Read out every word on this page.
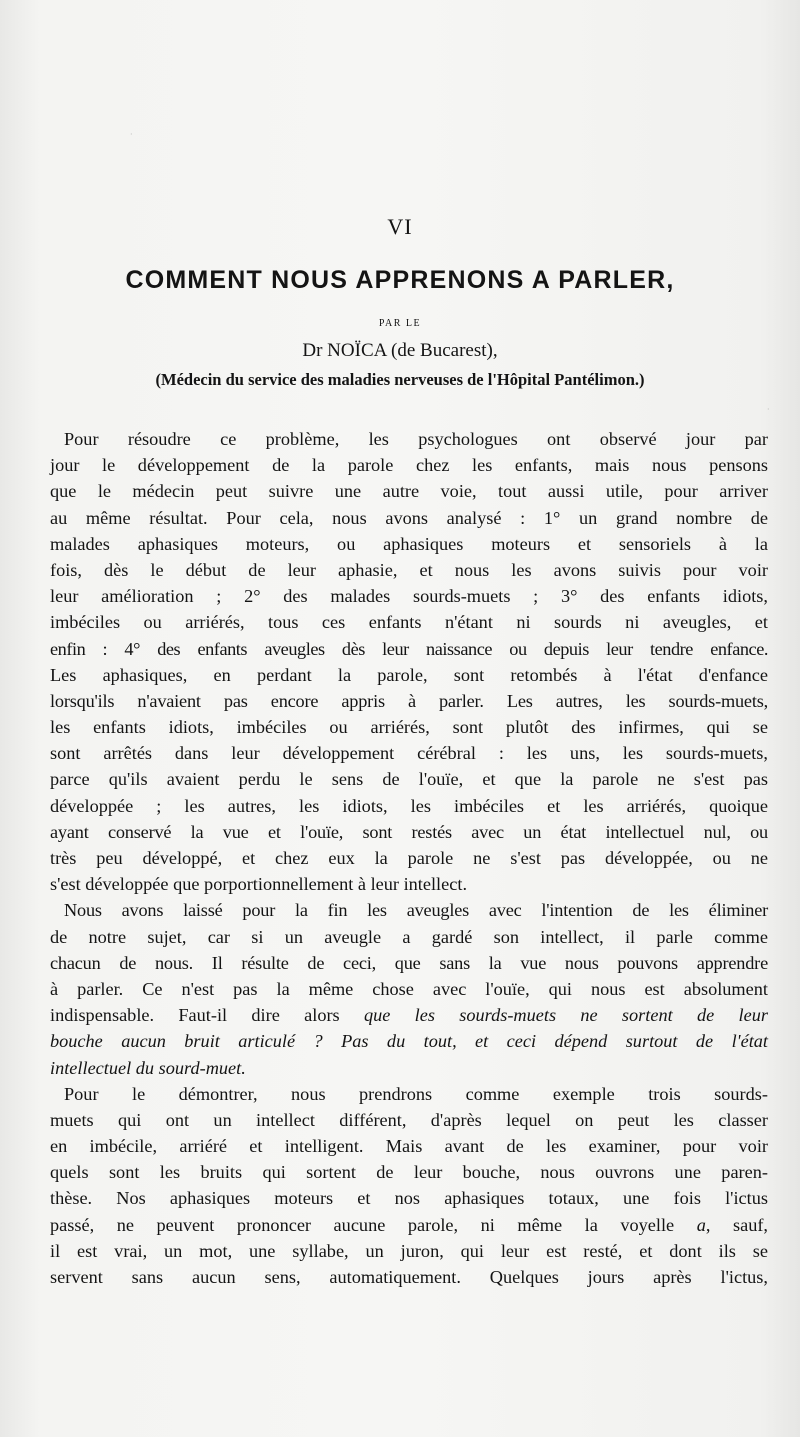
VI
COMMENT NOUS APPRENONS A PARLER,
PAR LE
Dr NOÏCA (de Bucarest),
(Médecin du service des maladies nerveuses de l'Hôpital Pantélimon.)
Pour résoudre ce problème, les psychologues ont observé jour par
jour le développement de la parole chez les enfants, mais nous pensons
que le médecin peut suivre une autre voie, tout aussi utile, pour arriver
au même résultat. Pour cela, nous avons analysé : 1° un grand nombre de
malades aphasiques moteurs, ou aphasiques moteurs et sensoriels à la
fois, dès le début de leur aphasie, et nous les avons suivis pour voir
leur amélioration ; 2° des malades sourds-muets ; 3° des enfants idiots,
imbéciles ou arriérés, tous ces enfants n'étant ni sourds ni aveugles, et
enfin : 4° des enfants aveugles dès leur naissance ou depuis leur tendre enfance.
Les aphasiques, en perdant la parole, sont retombés à l'état d'enfance
lorsqu'ils n'avaient pas encore appris à parler. Les autres, les sourds-muets,
les enfants idiots, imbéciles ou arriérés, sont plutôt des infirmes, qui se
sont arrêtés dans leur développement cérébral : les uns, les sourds-muets,
parce qu'ils avaient perdu le sens de l'ouïe, et que la parole ne s'est pas
développée ; les autres, les idiots, les imbéciles et les arriérés, quoique
ayant conservé la vue et l'ouïe, sont restés avec un état intellectuel nul, ou
très peu développé, et chez eux la parole ne s'est pas développée, ou ne
s'est développée que porportionnellement à leur intellect.
Nous avons laissé pour la fin les aveugles avec l'intention de les éliminer
de notre sujet, car si un aveugle a gardé son intellect, il parle comme
chacun de nous. Il résulte de ceci, que sans la vue nous pouvons apprendre
à parler. Ce n'est pas la même chose avec l'ouïe, qui nous est absolument
indispensable. Faut-il dire alors que les sourds-muets ne sortent de leur
bouche aucun bruit articulé ? Pas du tout, et ceci dépend surtout de l'état
intellectuel du sourd-muet.
Pour le démontrer, nous prendrons comme exemple trois sourds-
muets qui ont un intellect différent, d'après lequel on peut les classer
en imbécile, arriéré et intelligent. Mais avant de les examiner, pour voir
quels sont les bruits qui sortent de leur bouche, nous ouvrons une paren-
thèse. Nos aphasiques moteurs et nos aphasiques totaux, une fois l'ictus
passé, ne peuvent prononcer aucune parole, ni même la voyelle a, sauf,
il est vrai, un mot, une syllabe, un juron, qui leur est resté, et dont ils se
servent sans aucun sens, automatiquement. Quelques jours après l'ictus,
·
·
